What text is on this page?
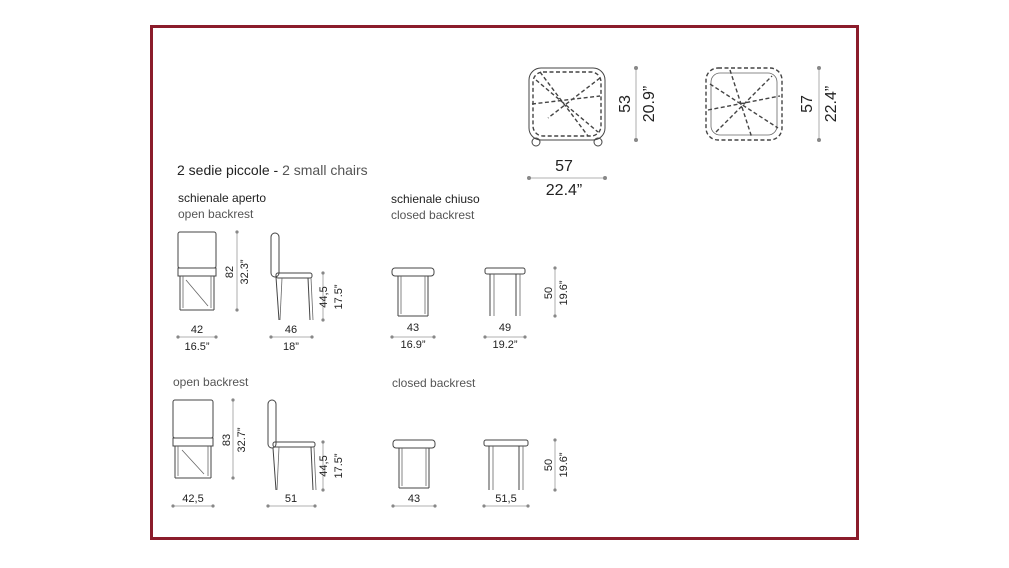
57
22.4”
53 20.9”	57 22.4”
2 sedie piccole - 2 small chairs
schienale aperto
open backrest
schienale chiuso
closed backrest
42
16.5”
82 32.3”
46
18”
44,5 17.5”
43
16.9”
49
19.2”
50 19.6”
open backrest	closed backrest
42,5
83 32.7”
51
44,5 17.5”
43	51,5
50 19.6”
